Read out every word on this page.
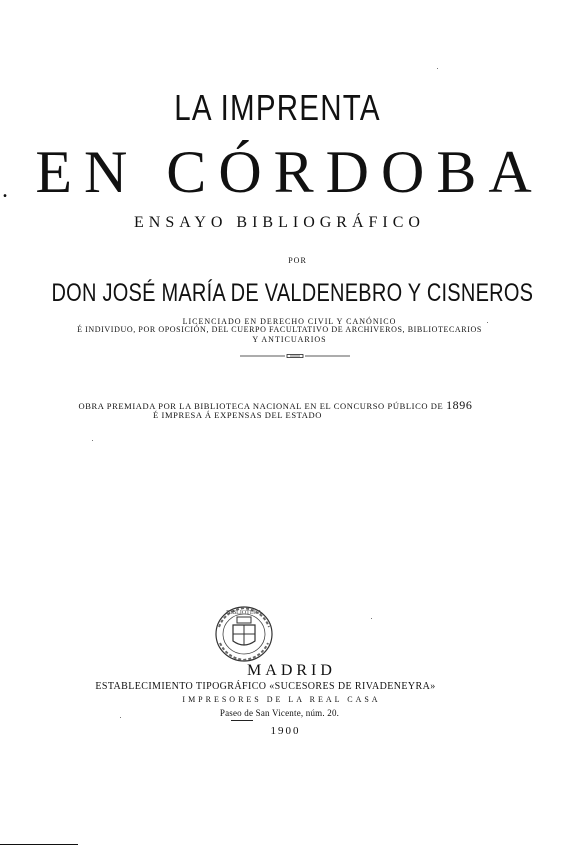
LA IMPRENTA

. EN CÓRDOBA

ENSAYO BIBLIOGRÁFICO

POR

DON JOSÉ MARÍA DE VALDENEBRO Y CISNEROS

LICENCIADO EN DERECHO CIVIL Y CANÓNICO

É INDIVIDUO, POR OPOSICIÓN, DEL CUERPO FACULTATIVO DE ARCHIVEROS, BIBLIOTECARIOS

Y ANTICUARIOS

OBRA PREMIADA POR LA BIBLIOTECA NACIONAL EN EL CONCURSO PÚBLICO DE 1896

É IMPRESA Á EXPENSAS DEL ESTADO

BIBLIOTECA

MADRID

ESTABLECIMIENTO TIPOGRÁFICO «SUCESORES DE RIVADENEYRA»

IMPRESORES DE LA REAL CASA

Paseo de San Vicente, núm. 20.

1900
